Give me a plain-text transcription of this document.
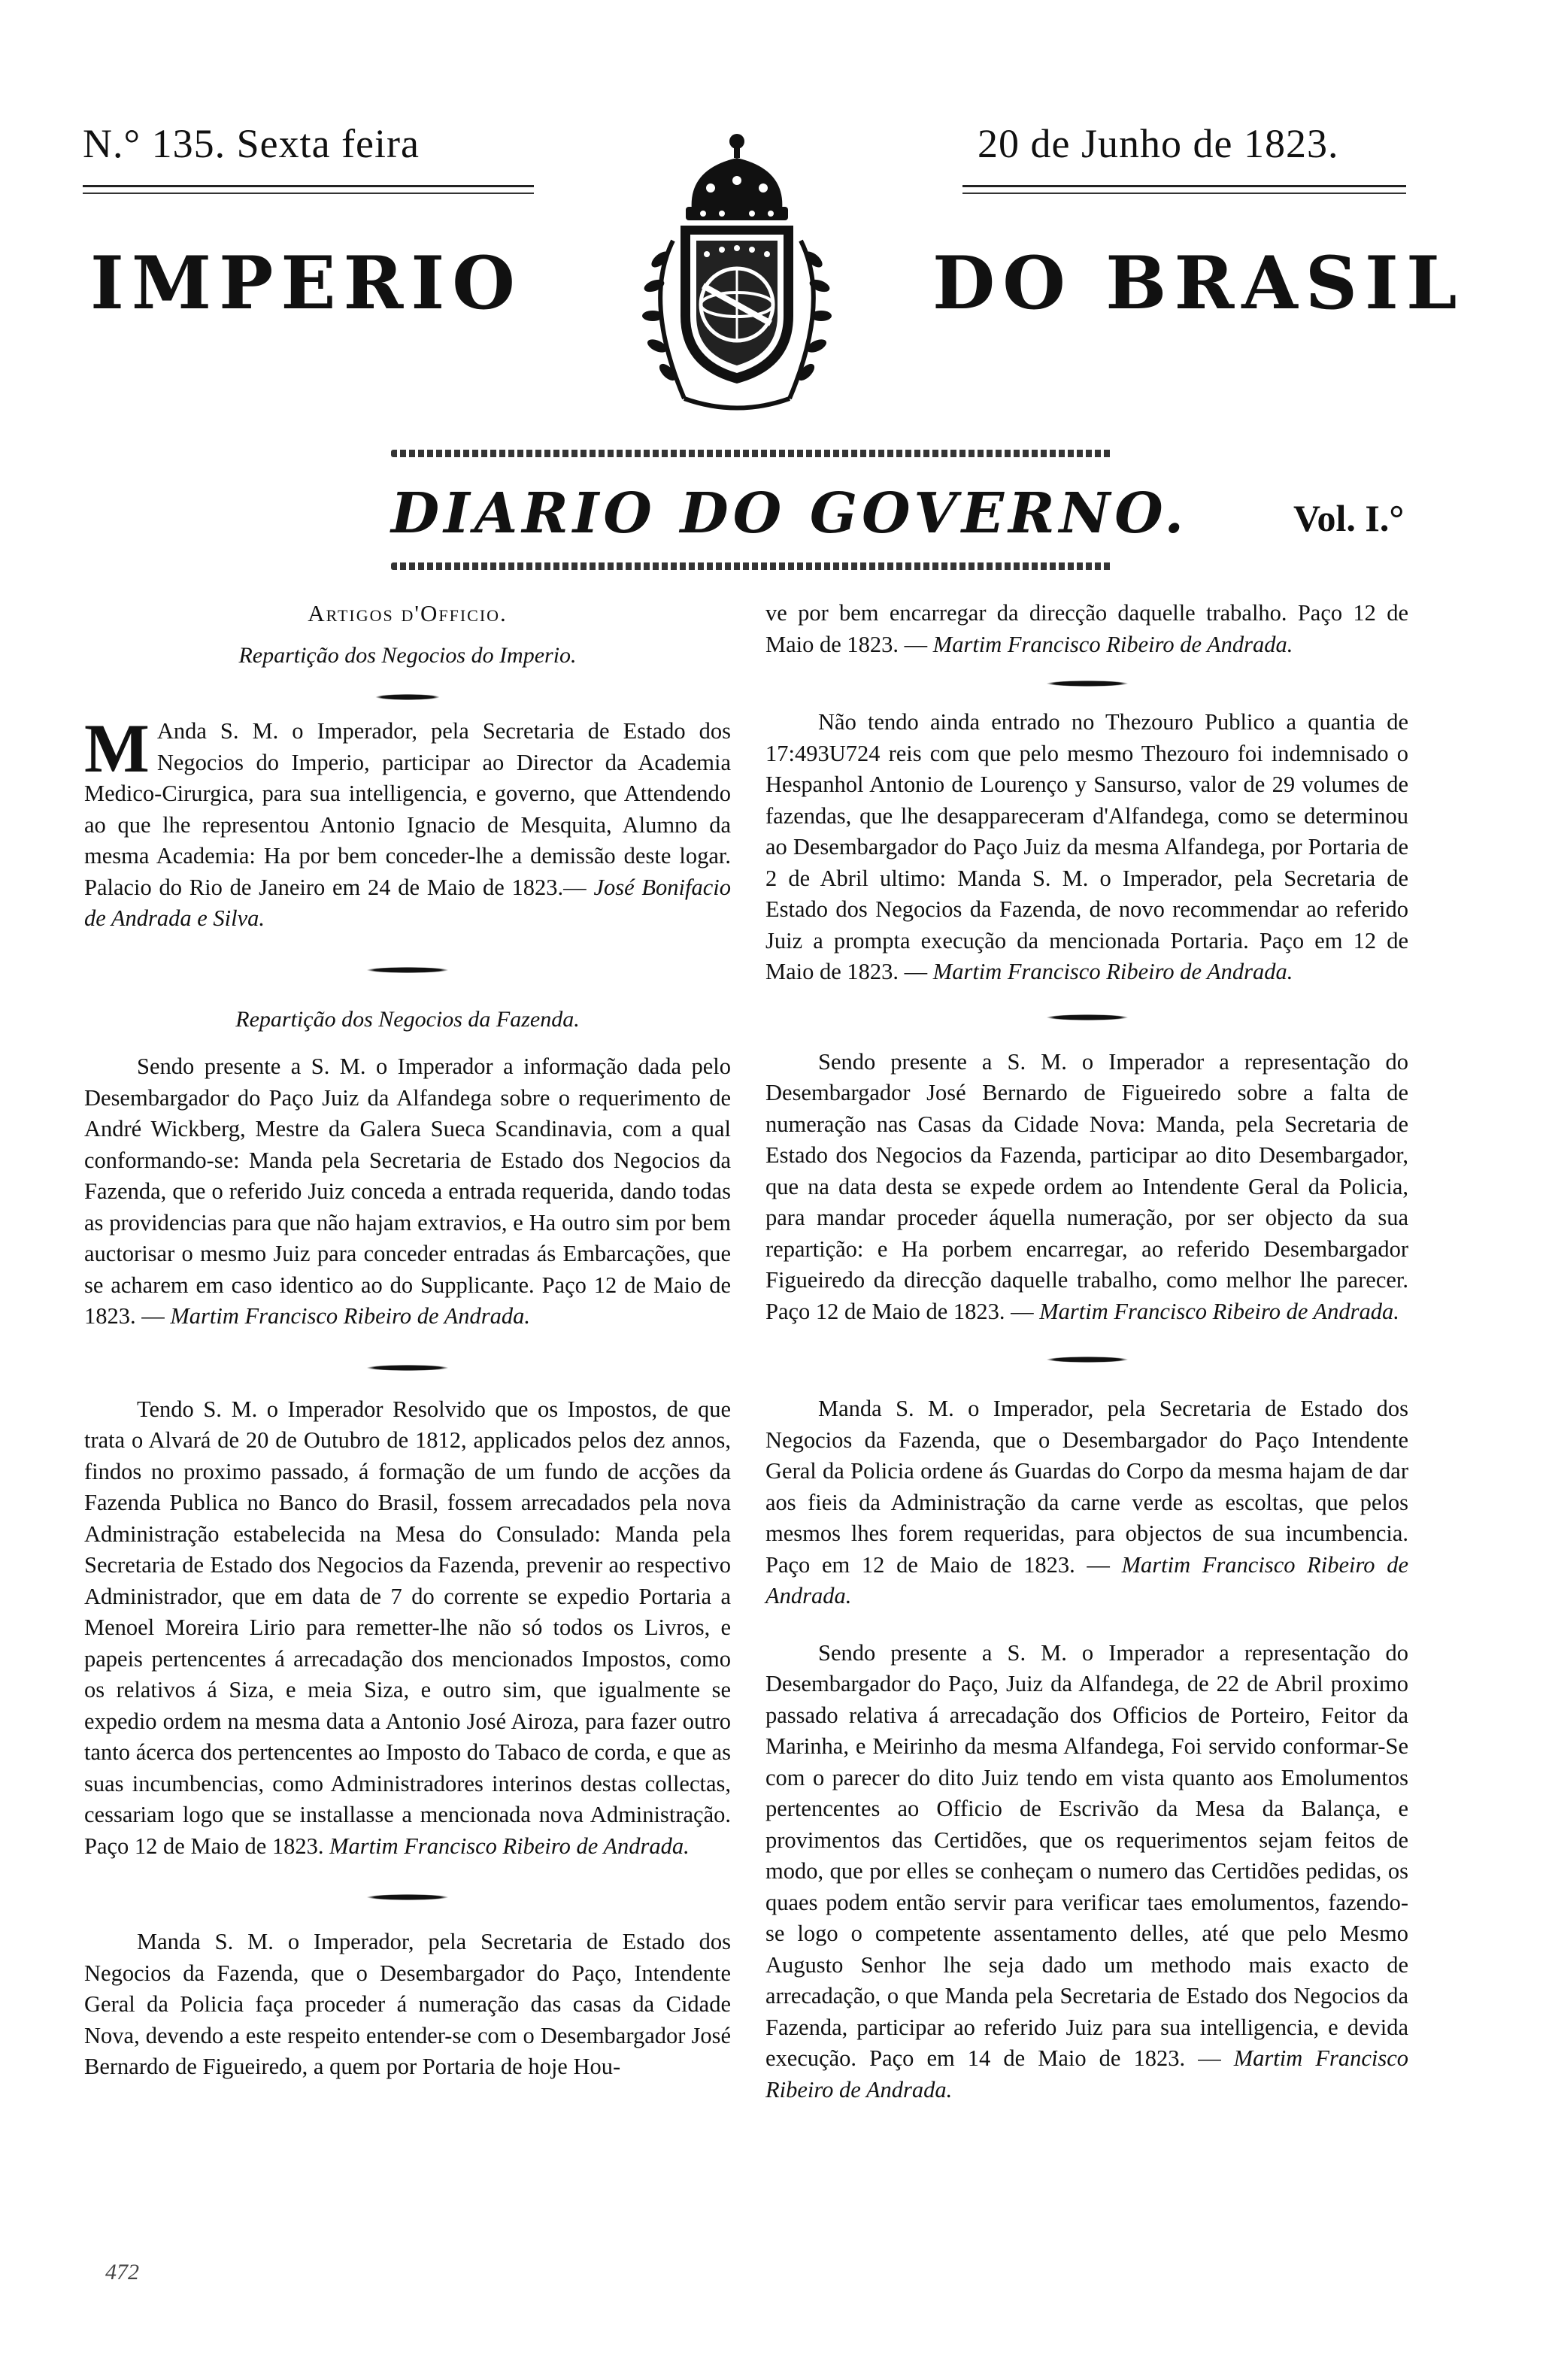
N.° 135. Sexta feira	20 de Junho de 1823.
IMPERIO	DO BRASIL
DIARIO DO GOVERNO.	Vol. I.°

Artigos d'Officio.

Repartição dos Negocios do Imperio.

M Anda S. M. o Imperador, pela Secretaria de Estado dos Negocios do Imperio, participar ao Director da Academia Medico-Cirurgica, para sua intelligencia, e governo, que Attendendo ao que lhe representou Antonio Ignacio de Mesquita, Alumno da mesma Academia: Ha por bem conceder-lhe a demissão deste logar. Palacio do Rio de Janeiro em 24 de Maio de 1823.— José Bonifacio de Andrada e Silva.

Repartição dos Negocios da Fazenda.

Sendo presente a S. M. o Imperador a informação dada pelo Desembargador do Paço Juiz da Alfandega sobre o requerimento de André Wickberg, Mestre da Galera Sueca Scandinavia, com a qual conformando-se: Manda pela Secretaria de Estado dos Negocios da Fazenda, que o referido Juiz conceda a entrada requerida, dando todas as providencias para que não hajam extravios, e Ha outro sim por bem auctorisar o mesmo Juiz para conceder entradas ás Embarcações, que se acharem em caso identico ao do Supplicante. Paço 12 de Maio de 1823. — Martim Francisco Ribeiro de Andrada.

Tendo S. M. o Imperador Resolvido que os Impostos, de que trata o Alvará de 20 de Outubro de 1812, applicados pelos dez annos, findos no proximo passado, á formação de um fundo de acções da Fazenda Publica no Banco do Brasil, fossem arrecadados pela nova Administração estabelecida na Mesa do Consulado: Manda pela Secretaria de Estado dos Negocios da Fazenda, prevenir ao respectivo Administrador, que em data de 7 do corrente se expedio Portaria a Menoel Moreira Lirio para remetter-lhe não só todos os Livros, e papeis pertencentes á arrecadação dos mencionados Impostos, como os relativos á Siza, e meia Siza, e outro sim, que igualmente se expedio ordem na mesma data a Antonio José Airoza, para fazer outro tanto ácerca dos pertencentes ao Imposto do Tabaco de corda, e que as suas incumbencias, como Administradores interinos destas collectas, cessariam logo que se installasse a mencionada nova Administração. Paço 12 de Maio de 1823. Martim Francisco Ribeiro de Andrada.

Manda S. M. o Imperador, pela Secretaria de Estado dos Negocios da Fazenda, que o Desembargador do Paço, Intendente Geral da Policia faça proceder á numeração das casas da Cidade Nova, devendo a este respeito entender-se com o Desembargador José Bernardo de Figueiredo, a quem por Portaria de hoje Hou-

472

ve por bem encarregar da direcção daquelle trabalho. Paço 12 de Maio de 1823. — Martim Francisco Ribeiro de Andrada.

Não tendo ainda entrado no Thezouro Publico a quantia de 17:493U724 reis com que pelo mesmo Thezouro foi indemnisado o Hespanhol Antonio de Lourenço y Sansurso, valor de 29 volumes de fazendas, que lhe desappareceram d'Alfandega, como se determinou ao Desembargador do Paço Juiz da mesma Alfandega, por Portaria de 2 de Abril ultimo: Manda S. M. o Imperador, pela Secretaria de Estado dos Negocios da Fazenda, de novo recommendar ao referido Juiz a prompta execução da mencionada Portaria. Paço em 12 de Maio de 1823. — Martim Francisco Ribeiro de Andrada.

Sendo presente a S. M. o Imperador a representação do Desembargador José Bernardo de Figueiredo sobre a falta de numeração nas Casas da Cidade Nova: Manda, pela Secretaria de Estado dos Negocios da Fazenda, participar ao dito Desembargador, que na data desta se expede ordem ao Intendente Geral da Policia, para mandar proceder áquella numeração, por ser objecto da sua repartição: e Ha porbem encarregar, ao referido Desembargador Figueiredo da direcção daquelle trabalho, como melhor lhe parecer. Paço 12 de Maio de 1823. — Martim Francisco Ribeiro de Andrada.

Manda S. M. o Imperador, pela Secretaria de Estado dos Negocios da Fazenda, que o Desembargador do Paço Intendente Geral da Policia ordene ás Guardas do Corpo da mesma hajam de dar aos fieis da Administração da carne verde as escoltas, que pelos mesmos lhes forem requeridas, para objectos de sua incumbencia. Paço em 12 de Maio de 1823. — Martim Francisco Ribeiro de Andrada.

Sendo presente a S. M. o Imperador a representação do Desembargador do Paço, Juiz da Alfandega, de 22 de Abril proximo passado relativa á arrecadação dos Officios de Porteiro, Feitor da Marinha, e Meirinho da mesma Alfandega, Foi servido conformar-Se com o parecer do dito Juiz tendo em vista quanto aos Emolumentos pertencentes ao Officio de Escrivão da Mesa da Balança, e provimentos das Certidões, que os requerimentos sejam feitos de modo, que por elles se conheçam o numero das Certidões pedidas, os quaes podem então servir para verificar taes emolumentos, fazendo-se logo o competente assentamento delles, até que pelo Mesmo Augusto Senhor lhe seja dado um methodo mais exacto de arrecadação, o que Manda pela Secretaria de Estado dos Negocios da Fazenda, participar ao referido Juiz para sua intelligencia, e devida execução. Paço em 14 de Maio de 1823. — Martim Francisco Ribeiro de Andrada.
